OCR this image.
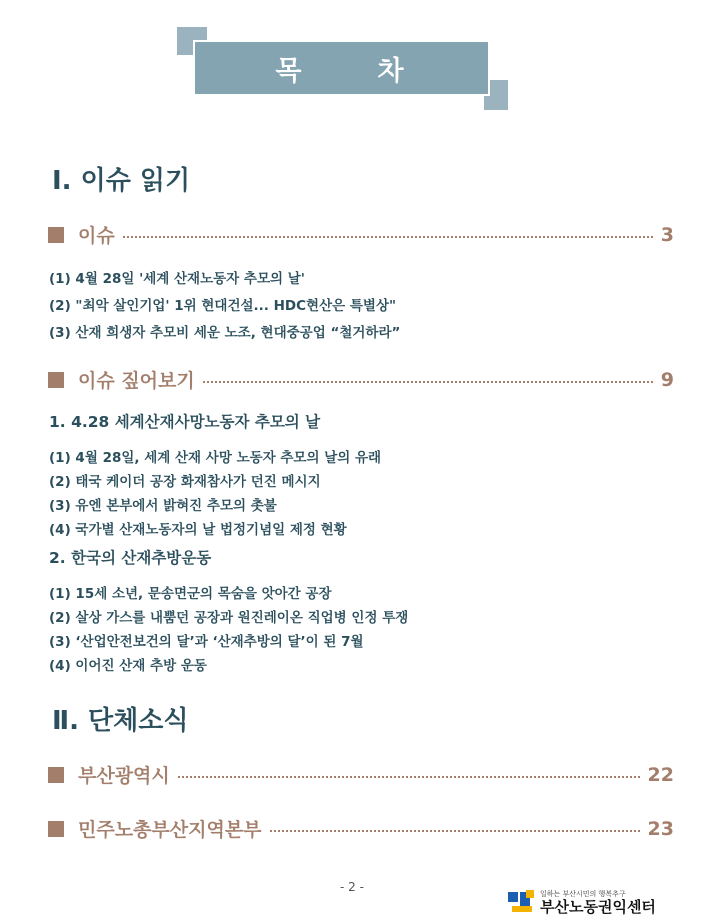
목	차
Ⅰ. 이슈 읽기
이슈	3
(1) 4월 28일 '세계 산재노동자 추모의 날'
(2) "최악 살인기업' 1위 현대건설... HDC현산은 특별상"
(3) 산재 희생자 추모비 세운 노조, 현대중공업 “철거하라”
이슈 짚어보기	9
1. 4.28 세계산재사망노동자 추모의 날
(1) 4월 28일, 세계 산재 사망 노동자 추모의 날의 유래
(2) 태국 케이더 공장 화재참사가 던진 메시지
(3) 유엔 본부에서 밝혀진 추모의 촛불
(4) 국가별 산재노동자의 날 법정기념일 제정 현황
2. 한국의 산재추방운동
(1) 15세 소년, 문송면군의 목숨을 앗아간 공장
(2) 살상 가스를 내뿜던 공장과 원진레이온 직업병 인정 투쟁
(3) ‘산업안전보건의 달’과 ‘산재추방의 달’이 된 7월
(4) 이어진 산재 추방 운동
Ⅱ. 단체소식
부산광역시	22
민주노총부산지역본부	23
- 2 -	일하는 부산시민의 행복추구
부산노동권익센터
